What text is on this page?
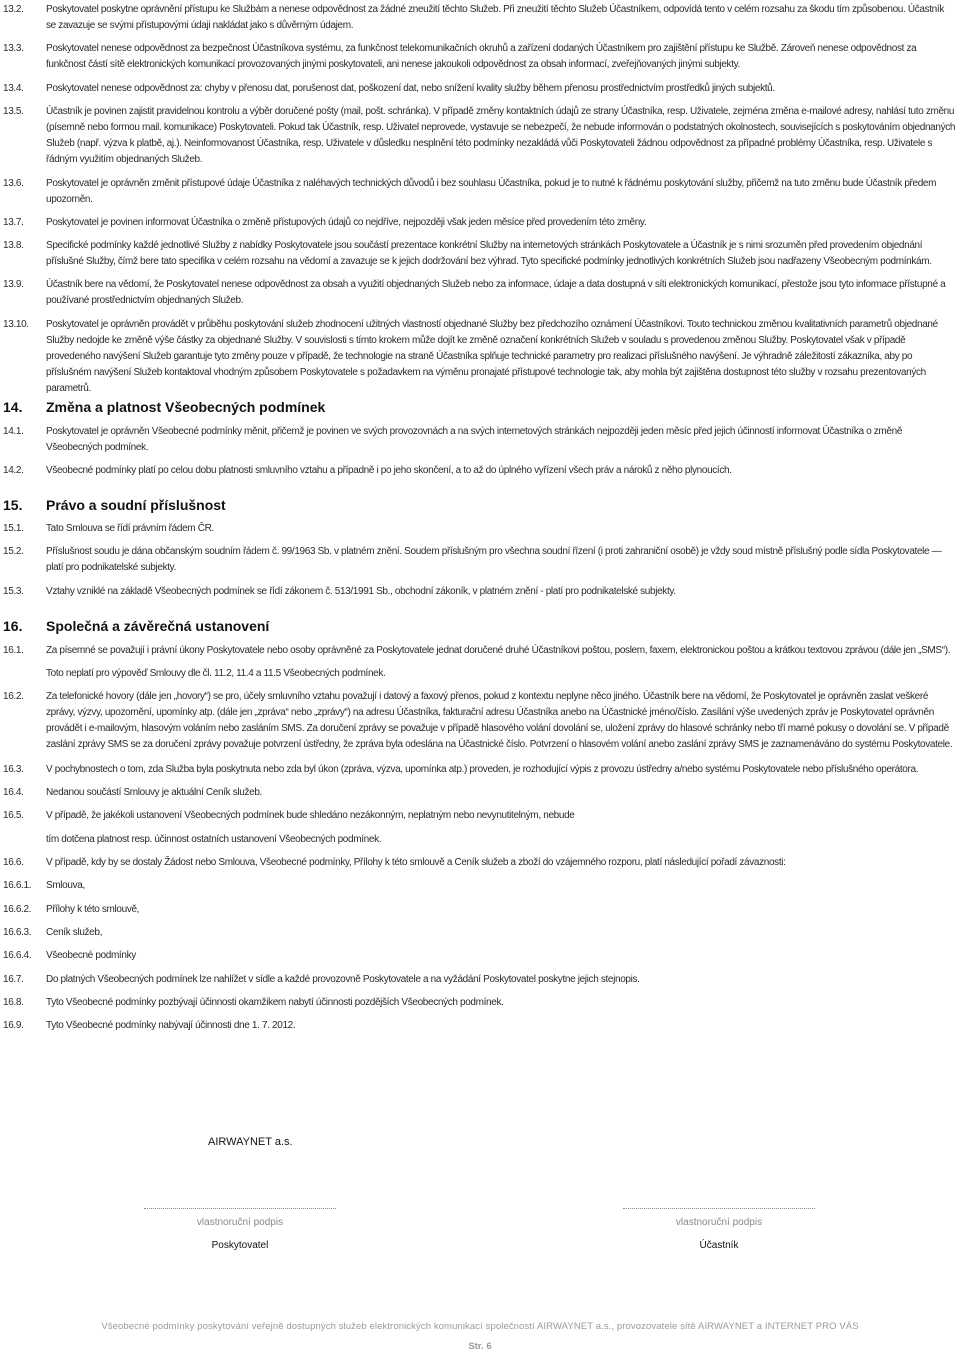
13.2.	Poskytovatel poskytne oprávnění přístupu ke Službám a nenese odpovědnost za žádné zneužití těchto Služeb. Při zneužití těchto Služeb Účastníkem, odpovídá tento v celém rozsahu za škodu tím způsobenou. Účastník se zavazuje se svými přístupovými údaji nakládat jako s důvěrným údajem.
13.3.	Poskytovatel nenese odpovědnost za bezpečnost Účastníkova systému, za funkčnost telekomunikačních okruhů a zařízení dodaných Účastníkem pro zajištění přístupu ke Službě. Zároveň nenese odpovědnost za funkčnost částí sítě elektronických komunikací provozovaných jinými poskytovateli, ani nenese jakoukoli odpovědnost za obsah informací, zveřejňovaných jinými subjekty.
13.4.	Poskytovatel nenese odpovědnost za: chyby v přenosu dat, porušenost dat, poškození dat, nebo snížení kvality služby během přenosu prostřednictvím prostředků jiných subjektů.
13.5.	Účastník je povinen zajistit pravidelnou kontrolu a výběr doručené pošty (mail, pošt. schránka). V případě změny kontaktních údajů ze strany Účastníka, resp. Uživatele, zejména změna e-mailové adresy, nahlásí tuto změnu (písemně nebo formou mail. komunikace) Poskytovateli. Pokud tak Účastník, resp. Uživatel neprovede, vystavuje se nebezpečí, že nebude informován o podstatných okolnostech, souvisejících s poskytováním objednaných Služeb (např. výzva k platbě, aj.). Neinformovanost Účastníka, resp. Uživatele v důsledku nesplnění této podmínky nezakládá vůči Poskytovateli žádnou odpovědnost za případné problémy Účastníka, resp. Uživatele s řádným využitím objednaných Služeb.
13.6.	Poskytovatel je oprávněn změnit přístupové údaje Účastníka z naléhavých technických důvodů i bez souhlasu Účastníka, pokud je to nutné k řádnému poskytování služby, přičemž na tuto změnu bude Účastník předem upozorněn.
13.7.	Poskytovatel je povinen informovat Účastníka o změně přístupových údajů co nejdříve, nejpozději však jeden měsíce před provedením této změny.
13.8.	Specifické podmínky každé jednotlivé Služby z nabídky Poskytovatele jsou součástí prezentace konkrétní Služby na internetových stránkách Poskytovatele a Účastník je s nimi srozuměn před provedením objednání příslušné Služby, čímž bere tato specifika v celém rozsahu na vědomí a zavazuje se k jejich dodržování bez výhrad. Tyto specifické podmínky jednotlivých konkrétních Služeb jsou nadřazeny Všeobecným podmínkám.
13.9.	Účastník bere na vědomí, že Poskytovatel nenese odpovědnost za obsah a využití objednaných Služeb nebo za informace, údaje a data dostupná v síti elektronických komunikací, přestože jsou tyto informace přístupné a používané prostřednictvím objednaných Služeb.
13.10.	Poskytovatel je oprávněn provádět v průběhu poskytování služeb zhodnocení užitných vlastností objednané Služby bez předchozího oznámení Účastníkovi. Touto technickou změnou kvalitativních parametrů objednané Služby nedojde ke změně výše částky za objednané Služby. V souvislosti s tímto krokem může dojít ke změně označení konkrétních Služeb v souladu s provedenou změnou Služby. Poskytovatel však v případě provedeného navýšení Služeb garantuje tyto změny pouze v případě, že technologie na straně Účastníka splňuje technické parametry pro realizaci příslušného navýšení. Je výhradně záležitostí zákazníka, aby po příslušném navýšení Služeb kontaktoval vhodným způsobem Poskytovatele s požadavkem na výměnu pronajaté přístupové technologie tak, aby mohla být zajištěna dostupnost této služby v rozsahu prezentovaných parametrů.
14. Změna a platnost Všeobecných podmínek
14.1.	Poskytovatel je oprávněn Všeobecné podmínky měnit, přičemž je povinen ve svých provozovnách a na svých internetových stránkách nejpozději jeden měsíc před jejich účinností informovat Účastníka o změně Všeobecných podmínek.
14.2.	Všeobecné podmínky platí po celou dobu platnosti smluvního vztahu a případně i po jeho skončení, a to až do úplného vyřízení všech práv a nároků z něho plynoucích.
15. Právo a soudní příslušnost
15.1.	Tato Smlouva se řídí právním řádem ČR.
15.2.	Příslušnost soudu je dána občanským soudním řádem č. 99/1963 Sb. v platném znění. Soudem příslušným pro všechna soudní řízení (i proti zahraniční osobě) je vždy soud místně příslušný podle sídla Poskytovatele — platí pro podnikatelské subjekty.
15.3.	Vztahy vzniklé na základě Všeobecných podmínek se řídí zákonem č. 513/1991 Sb., obchodní zákoník, v platném znění - platí pro podnikatelské subjekty.
16. Společná a závěrečná ustanovení
16.1.	Za písemné se považují i právní úkony Poskytovatele nebo osoby oprávněné za Poskytovatele jednat doručené druhé Účastníkovi poštou, poslem, faxem, elektronickou poštou a krátkou textovou zprávou (dále jen „SMS“).
Toto neplatí pro výpověď Smlouvy dle čl. 11.2, 11.4 a 11.5 Všeobecných podmínek.
16.2.	Za telefonické hovory (dále jen „hovory“) se pro, účely smluvního vztahu považují i datový a faxový přenos, pokud z kontextu neplyne něco jiného. Účastník bere na vědomí, že Poskytovatel je oprávněn zaslat veškeré zprávy, výzvy, upozornění, upomínky atp. (dále jen „zpráva“ nebo „zprávy“) na adresu Účastníka, fakturační adresu Účastníka anebo na Účastnické jméno/číslo. Zasílání výše uvedených zpráv je Poskytovatel oprávněn provádět i e-mailovým, hlasovým voláním nebo zasláním SMS. Za doručení zprávy se považuje v případě hlasového volání dovolání se, uložení zprávy do hlasové schránky nebo tří marné pokusy o dovolání se. V případě zaslání zprávy SMS se za doručení zprávy považuje potvrzení ústředny, že zpráva byla odeslána na Účastnické číslo. Potvrzení o hlasovém volání anebo zaslání zprávy SMS je zaznamenáváno do systému Poskytovatele.
16.3.	V pochybnostech o tom, zda Služba byla poskytnuta nebo zda byl úkon (zpráva, výzva, upomínka atp.) proveden, je rozhodující výpis z provozu ústředny a/nebo systému Poskytovatele nebo příslušného operátora.
16.4.	Nedanou součástí Smlouvy je aktuální Ceník služeb.
16.5.	V případě, že jakékoli ustanovení Všeobecných podmínek bude shledáno nezákonným, neplatným nebo nevynutitelným, nebude
tím dotčena platnost resp. účinnost ostatních ustanovení Všeobecných podmínek.
16.6.	V případě, kdy by se dostaly Žádost nebo Smlouva, Všeobecné podmínky, Přílohy k této smlouvě a Ceník služeb a zboží do vzájemného rozporu, platí následující pořadí závaznosti:
16.6.1.	Smlouva,
16.6.2.	Přílohy k této smlouvě,
16.6.3.	Ceník služeb,
16.6.4.	Všeobecné podmínky
16.7.	Do platných Všeobecných podmínek lze nahlížet v sídle a každé provozovně Poskytovatele a na vyžádání Poskytovatel poskytne jejich stejnopis.
16.8.	Tyto Všeobecné podmínky pozbývají účinnosti okamžikem nabytí účinnosti pozdějších Všeobecných podmínek.
16.9.	Tyto Všeobecné podmínky nabývají účinnosti dne 1. 7. 2012.
AIRWAYNET a.s.
vlastnoruční podpis
Poskytovatel
vlastnoruční podpis
Účastník
Všeobecné podmínky poskytování veřejně dostupných služeb elektronických komunikací společností AIRWAYNET a.s., provozovatele sítě AIRWAYNET a INTERNET PRO VÁS
Str. 6
